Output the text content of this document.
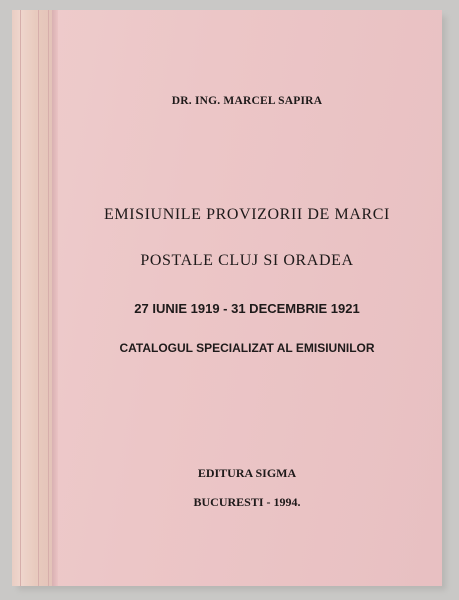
DR. ING. MARCEL SAPIRA
EMISIUNILE PROVIZORII DE MARCI
POSTALE CLUJ SI ORADEA
27 IUNIE 1919 - 31 DECEMBRIE 1921
CATALOGUL SPECIALIZAT AL EMISIUNILOR
EDITURA SIGMA
BUCURESTI - 1994.
